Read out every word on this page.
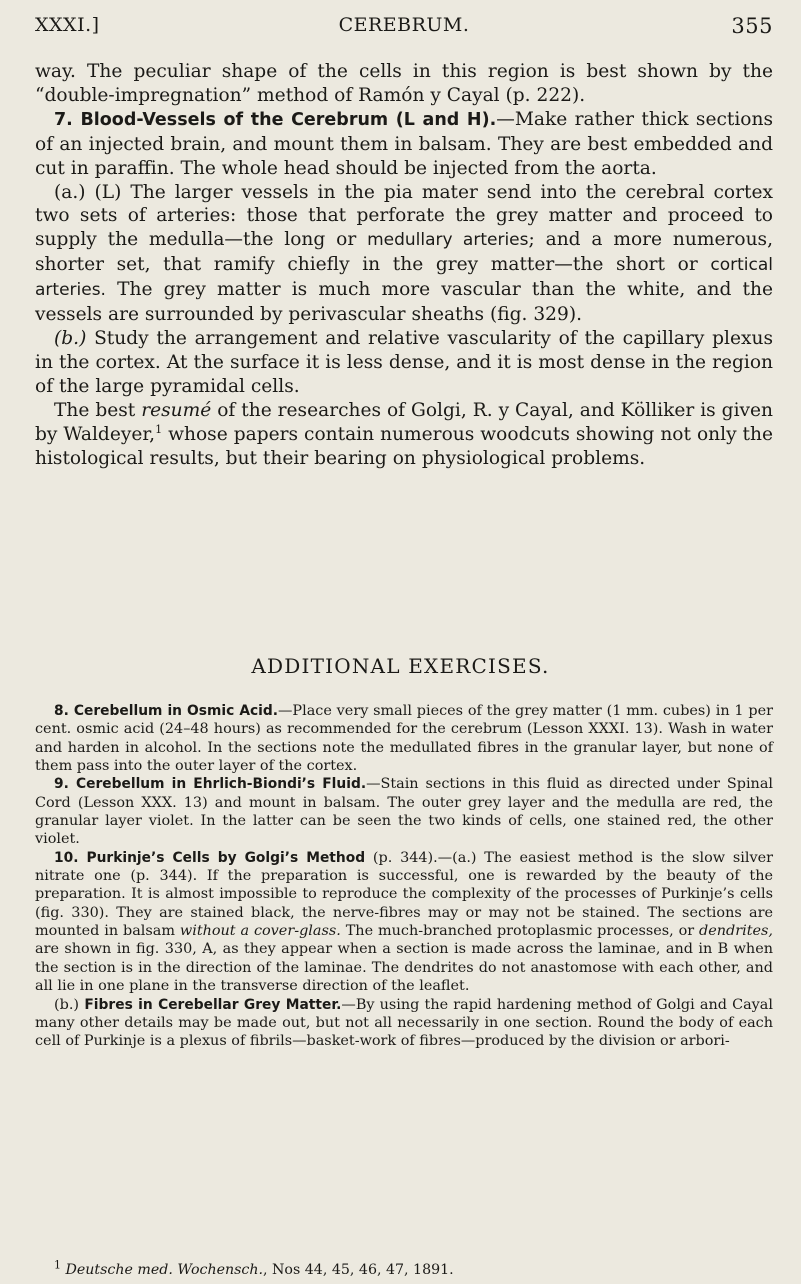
XXXI.]	CEREBRUM.	355

way. The peculiar shape of the cells in this region is best shown by the “double-impregnation” method of Ramón y Cayal (p. 222).

7. Blood-Vessels of the Cerebrum (L and H).—Make rather thick sections of an injected brain, and mount them in balsam. They are best embedded and cut in paraffin. The whole head should be injected from the aorta.

(a.) (L) The larger vessels in the pia mater send into the cerebral cortex two sets of arteries: those that perforate the grey matter and proceed to supply the medulla—the long or medullary arteries; and a more numerous, shorter set, that ramify chiefly in the grey matter—the short or cortical arteries. The grey matter is much more vascular than the white, and the vessels are surrounded by perivascular sheaths (fig. 329).

(b.) Study the arrangement and relative vascularity of the capillary plexus in the cortex. At the surface it is less dense, and it is most dense in the region of the large pyramidal cells.

The best resumé of the researches of Golgi, R. y Cayal, and Kölliker is given by Waldeyer,$^1$ whose papers contain numerous woodcuts showing not only the histological results, but their bearing on physiological problems.

ADDITIONAL EXERCISES.

8. Cerebellum in Osmic Acid.—Place very small pieces of the grey matter (1 mm. cubes) in 1 per cent. osmic acid (24–48 hours) as recommended for the cerebrum (Lesson XXXI. 13). Wash in water and harden in alcohol. In the sections note the medullated fibres in the granular layer, but none of them pass into the outer layer of the cortex.

9. Cerebellum in Ehrlich-Biondi’s Fluid.—Stain sections in this fluid as directed under Spinal Cord (Lesson XXX. 13) and mount in balsam. The outer grey layer and the medulla are red, the granular layer violet. In the latter can be seen the two kinds of cells, one stained red, the other violet.

10. Purkinje’s Cells by Golgi’s Method (p. 344).—(a.) The easiest method is the slow silver nitrate one (p. 344). If the preparation is successful, one is rewarded by the beauty of the preparation. It is almost impossible to reproduce the complexity of the processes of Purkinje’s cells (fig. 330). They are stained black, the nerve-fibres may or may not be stained. The sections are mounted in balsam without a cover-glass. The much-branched protoplasmic processes, or dendrites, are shown in fig. 330, A, as they appear when a section is made across the laminae, and in B when the section is in the direction of the laminae. The dendrites do not anastomose with each other, and all lie in one plane in the transverse direction of the leaflet.

(b.) Fibres in Cerebellar Grey Matter.—By using the rapid hardening method of Golgi and Cayal many other details may be made out, but not all necessarily in one section. Round the body of each cell of Purkinje is a plexus of fibrils—basket-work of fibres—produced by the division or arbori-

$^1$ Deutsche med. Wochensch., Nos 44, 45, 46, 47, 1891.
